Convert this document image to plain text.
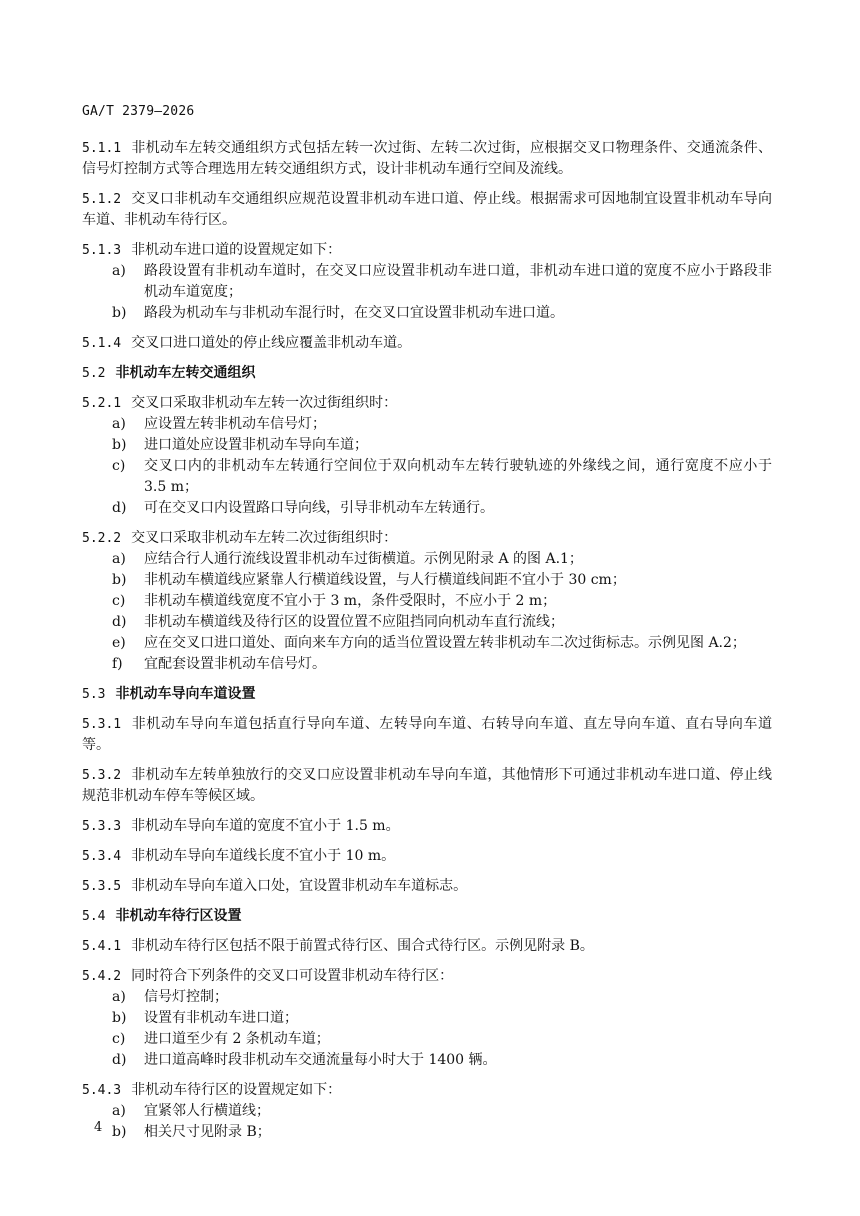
GA/T 2379—2026
5.1.1 非机动车左转交通组织方式包括左转一次过街、左转二次过街，应根据交叉口物理条件、交通流条件、信号灯控制方式等合理选用左转交通组织方式，设计非机动车通行空间及流线。
5.1.2 交叉口非机动车交通组织应规范设置非机动车进口道、停止线。根据需求可因地制宜设置非机动车导向车道、非机动车待行区。
5.1.3 非机动车进口道的设置规定如下：
a)	路段设置有非机动车道时，在交叉口应设置非机动车进口道，非机动车进口道的宽度不应小于路段非机动车道宽度；
b)	路段为机动车与非机动车混行时，在交叉口宜设置非机动车进口道。
5.1.4 交叉口进口道处的停止线应覆盖非机动车道。
5.2 非机动车左转交通组织
5.2.1 交叉口采取非机动车左转一次过街组织时：
a)	应设置左转非机动车信号灯；
b)	进口道处应设置非机动车导向车道；
c)	交叉口内的非机动车左转通行空间位于双向机动车左转行驶轨迹的外缘线之间，通行宽度不应小于 3.5 m；
d)	可在交叉口内设置路口导向线，引导非机动车左转通行。
5.2.2 交叉口采取非机动车左转二次过街组织时：
a)	应结合行人通行流线设置非机动车过街横道。示例见附录 A 的图 A.1；
b)	非机动车横道线应紧靠人行横道线设置，与人行横道线间距不宜小于 30 cm；
c)	非机动车横道线宽度不宜小于 3 m，条件受限时，不应小于 2 m；
d)	非机动车横道线及待行区的设置位置不应阻挡同向机动车直行流线；
e)	应在交叉口进口道处、面向来车方向的适当位置设置左转非机动车二次过街标志。示例见图 A.2；
f)	宜配套设置非机动车信号灯。
5.3 非机动车导向车道设置
5.3.1 非机动车导向车道包括直行导向车道、左转导向车道、右转导向车道、直左导向车道、直右导向车道等。
5.3.2 非机动车左转单独放行的交叉口应设置非机动车导向车道，其他情形下可通过非机动车进口道、停止线规范非机动车停车等候区域。
5.3.3 非机动车导向车道的宽度不宜小于 1.5 m。
5.3.4 非机动车导向车道线长度不宜小于 10 m。
5.3.5 非机动车导向车道入口处，宜设置非机动车车道标志。
5.4 非机动车待行区设置
5.4.1 非机动车待行区包括不限于前置式待行区、围合式待行区。示例见附录 B。
5.4.2 同时符合下列条件的交叉口可设置非机动车待行区：
a)	信号灯控制；
b)	设置有非机动车进口道；
c)	进口道至少有 2 条机动车道；
d)	进口道高峰时段非机动车交通流量每小时大于 1400 辆。
5.4.3 非机动车待行区的设置规定如下：
a)	宜紧邻人行横道线；
b)	相关尺寸见附录 B；
4
